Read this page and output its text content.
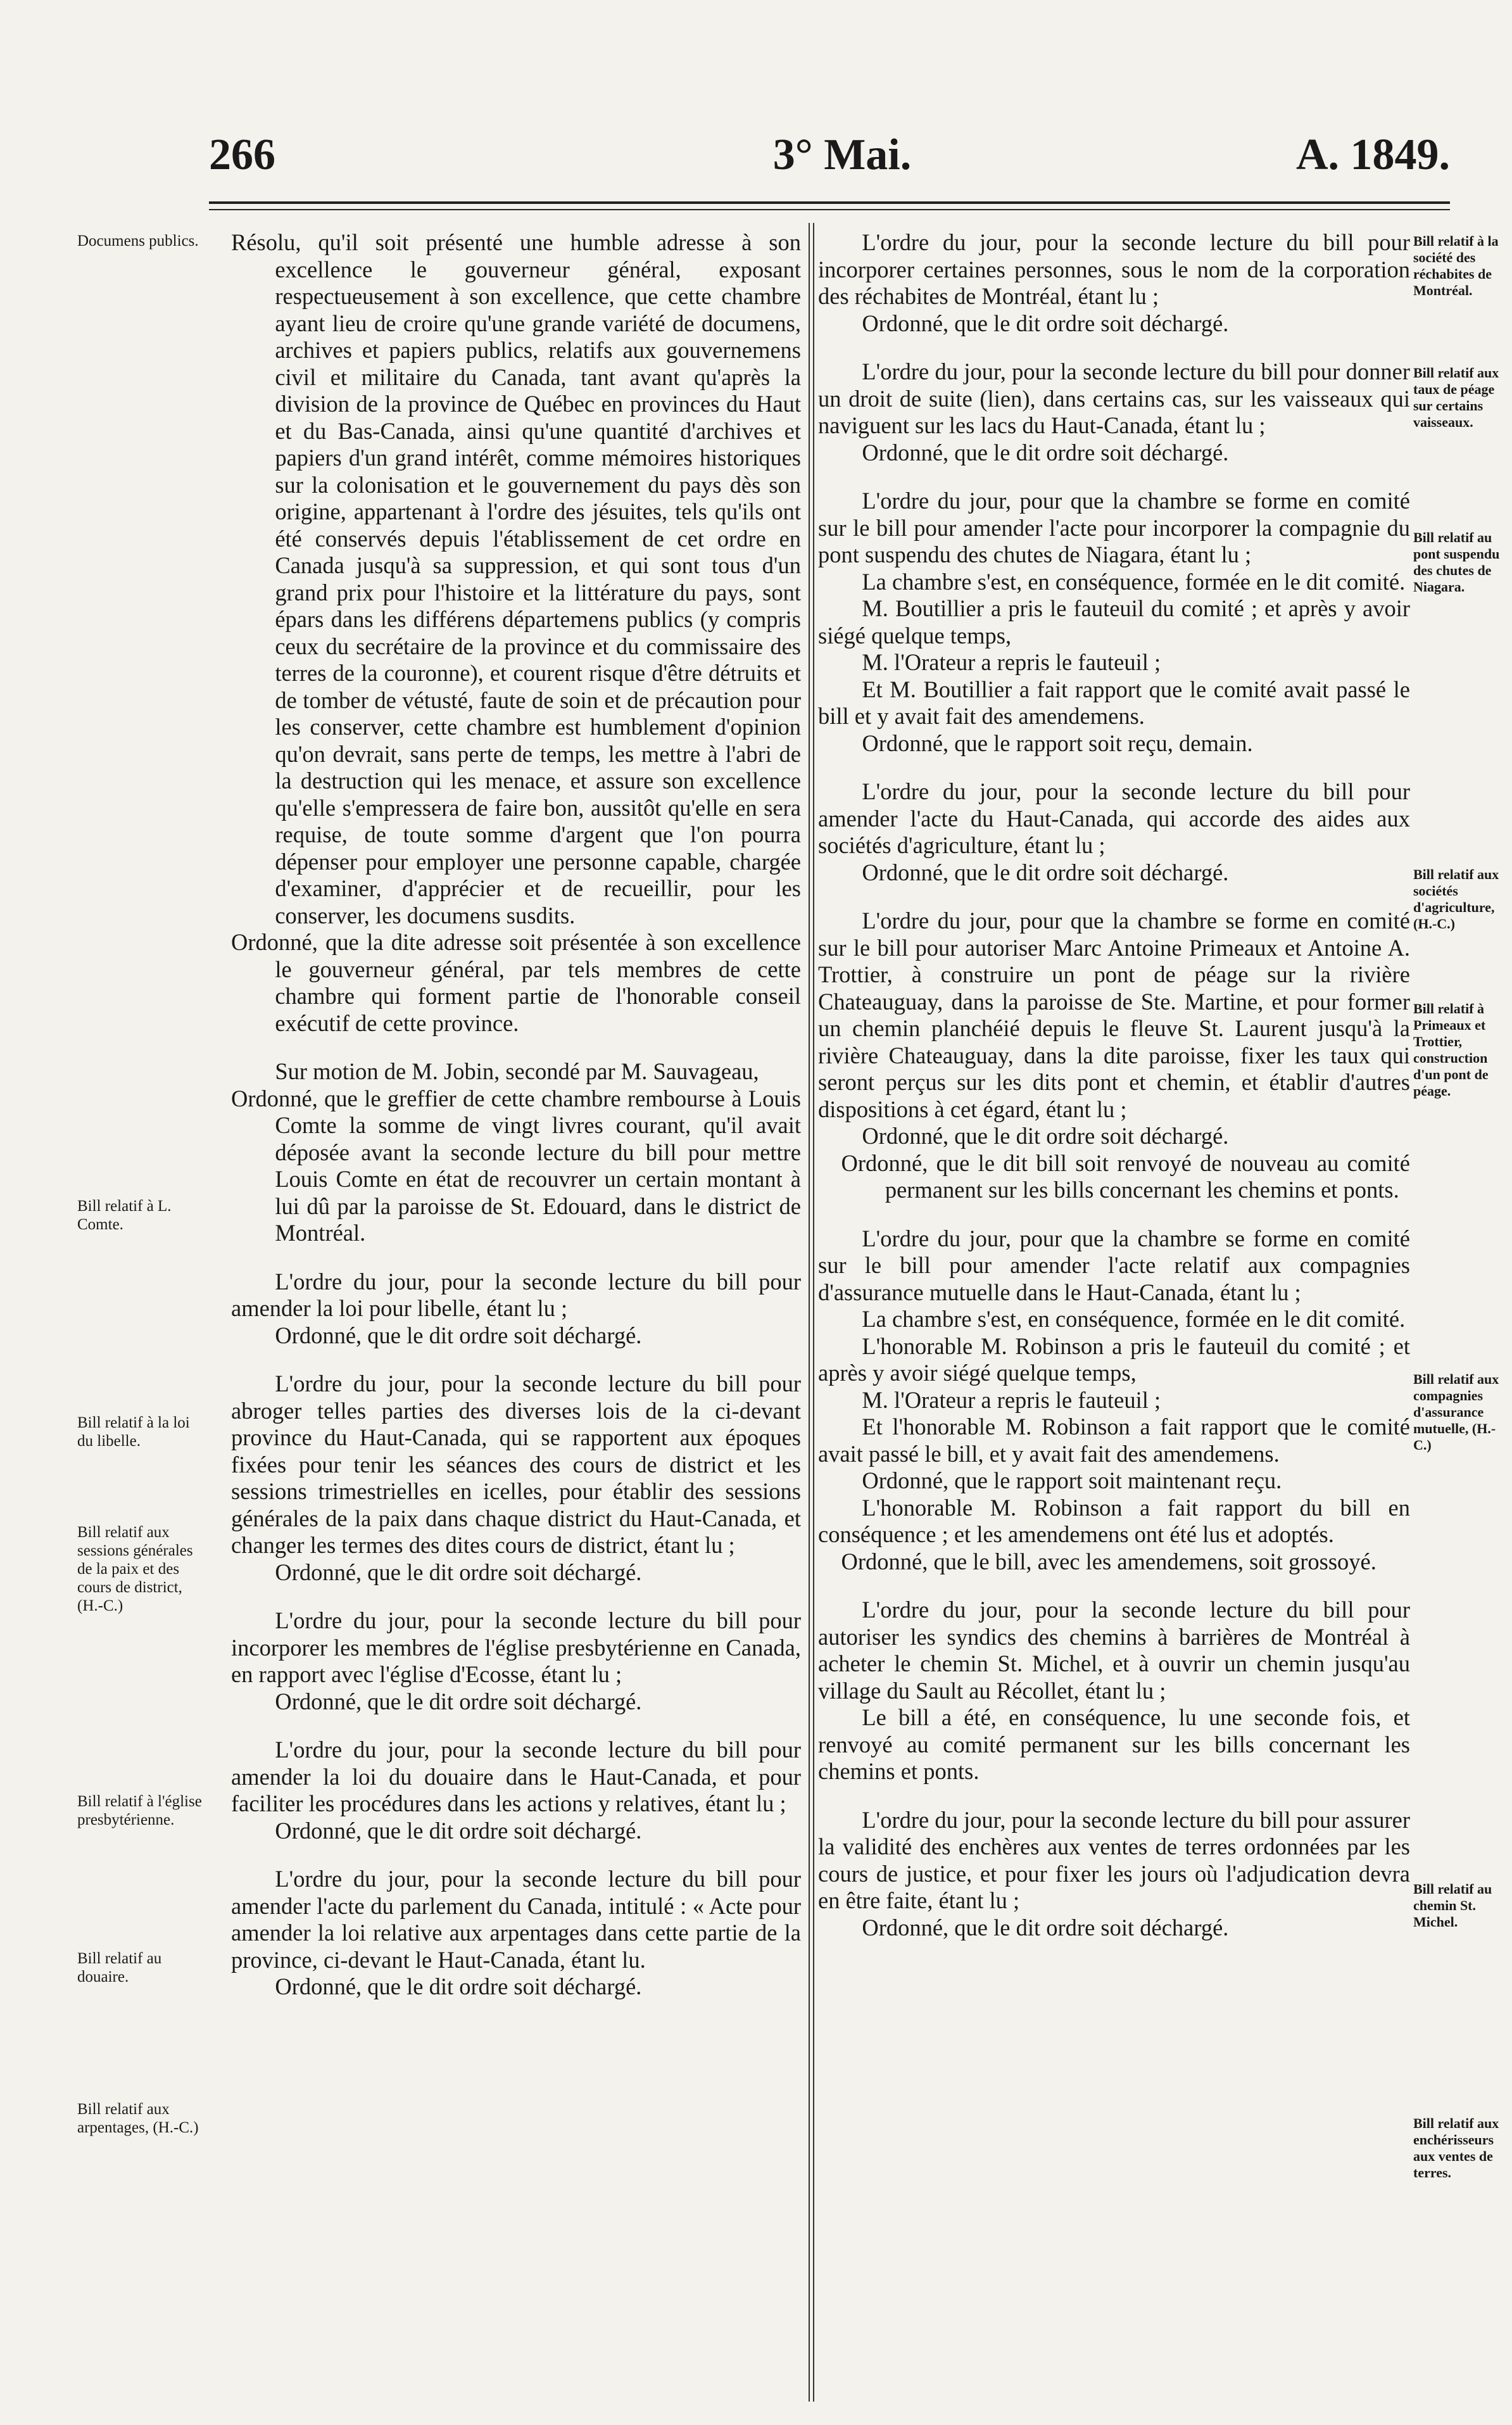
266	3° Mai.	A. 1849.
Documens publics.
Bill relatif à L. Comte.
Bill relatif à la loi du libelle.
Bill relatif aux sessions générales de la paix et des cours de district, (H.-C.)
Bill relatif à l'église presbytérienne.
Bill relatif au douaire.
Bill relatif aux arpentages, (H.-C.)

Résolu, qu'il soit présenté une humble adresse à son excellence le gouverneur général, exposant respectueusement à son excellence, que cette chambre ayant lieu de croire qu'une grande variété de documens, archives et papiers publics, relatifs aux gouvernemens civil et militaire du Canada, tant avant qu'après la division de la province de Québec en provinces du Haut et du Bas-Canada, ainsi qu'une quantité d'archives et papiers d'un grand intérêt, comme mémoires historiques sur la colonisation et le gouvernement du pays dès son origine, appartenant à l'ordre des jésuites, tels qu'ils ont été conservés depuis l'établissement de cet ordre en Canada jusqu'à sa suppression, et qui sont tous d'un grand prix pour l'histoire et la littérature du pays, sont épars dans les différens départemens publics (y compris ceux du secrétaire de la province et du commissaire des terres de la couronne), et courent risque d'être détruits et de tomber de vétusté, faute de soin et de précaution pour les conserver, cette chambre est humblement d'opinion qu'on devrait, sans perte de temps, les mettre à l'abri de la destruction qui les menace, et assure son excellence qu'elle s'empressera de faire bon, aussitôt qu'elle en sera requise, de toute somme d'argent que l'on pourra dépenser pour employer une personne capable, chargée d'examiner, d'apprécier et de recueillir, pour les conserver, les documens susdits.

Ordonné, que la dite adresse soit présentée à son excellence le gouverneur général, par tels membres de cette chambre qui forment partie de l'honorable conseil exécutif de cette province.

Sur motion de M. Jobin, secondé par M. Sauvageau,

Ordonné, que le greffier de cette chambre rembourse à Louis Comte la somme de vingt livres courant, qu'il avait déposée avant la seconde lecture du bill pour mettre Louis Comte en état de recouvrer un certain montant à lui dû par la paroisse de St. Edouard, dans le district de Montréal.

L'ordre du jour, pour la seconde lecture du bill pour amender la loi pour libelle, étant lu ;

Ordonné, que le dit ordre soit déchargé.

L'ordre du jour, pour la seconde lecture du bill pour abroger telles parties des diverses lois de la ci-devant province du Haut-Canada, qui se rapportent aux époques fixées pour tenir les séances des cours de district et les sessions trimestrielles en icelles, pour établir des sessions générales de la paix dans chaque district du Haut-Canada, et changer les termes des dites cours de district, étant lu ;

Ordonné, que le dit ordre soit déchargé.

L'ordre du jour, pour la seconde lecture du bill pour incorporer les membres de l'église presbytérienne en Canada, en rapport avec l'église d'Ecosse, étant lu ;

Ordonné, que le dit ordre soit déchargé.

L'ordre du jour, pour la seconde lecture du bill pour amender la loi du douaire dans le Haut-Canada, et pour faciliter les procédures dans les actions y relatives, étant lu ;

Ordonné, que le dit ordre soit déchargé.

L'ordre du jour, pour la seconde lecture du bill pour amender l'acte du parlement du Canada, intitulé : « Acte pour amender la loi relative aux arpentages dans cette partie de la province, ci-devant le Haut-Canada, étant lu.

Ordonné, que le dit ordre soit déchargé.

Bill relatif à la société des réchabites de Montréal.
Bill relatif aux taux de péage sur certains vaisseaux.
Bill relatif au pont suspendu des chutes de Niagara.
Bill relatif aux sociétés d'agriculture, (H.-C.)
Bill relatif à Primeaux et Trottier, construction d'un pont de péage.
Bill relatif aux compagnies d'assurance mutuelle, (H.-C.)
Bill relatif au chemin St. Michel.
Bill relatif aux enchérisseurs aux ventes de terres.

L'ordre du jour, pour la seconde lecture du bill pour incorporer certaines personnes, sous le nom de la corporation des réchabites de Montréal, étant lu ;

Ordonné, que le dit ordre soit déchargé.

L'ordre du jour, pour la seconde lecture du bill pour donner un droit de suite (lien), dans certains cas, sur les vaisseaux qui naviguent sur les lacs du Haut-Canada, étant lu ;

Ordonné, que le dit ordre soit déchargé.

L'ordre du jour, pour que la chambre se forme en comité sur le bill pour amender l'acte pour incorporer la compagnie du pont suspendu des chutes de Niagara, étant lu ;

La chambre s'est, en conséquence, formée en le dit comité.

M. Boutillier a pris le fauteuil du comité ; et après y avoir siégé quelque temps,

M. l'Orateur a repris le fauteuil ;

Et M. Boutillier a fait rapport que le comité avait passé le bill et y avait fait des amendemens.

Ordonné, que le rapport soit reçu, demain.

L'ordre du jour, pour la seconde lecture du bill pour amender l'acte du Haut-Canada, qui accorde des aides aux sociétés d'agriculture, étant lu ;

Ordonné, que le dit ordre soit déchargé.

L'ordre du jour, pour que la chambre se forme en comité sur le bill pour autoriser Marc Antoine Primeaux et Antoine A. Trottier, à construire un pont de péage sur la rivière Chateauguay, dans la paroisse de Ste. Martine, et pour former un chemin planchéié depuis le fleuve St. Laurent jusqu'à la rivière Chateauguay, dans la dite paroisse, fixer les taux qui seront perçus sur les dits pont et chemin, et établir d'autres dispositions à cet égard, étant lu ;

Ordonné, que le dit ordre soit déchargé.

Ordonné, que le dit bill soit renvoyé de nouveau au comité permanent sur les bills concernant les chemins et ponts.

L'ordre du jour, pour que la chambre se forme en comité sur le bill pour amender l'acte relatif aux compagnies d'assurance mutuelle dans le Haut-Canada, étant lu ;

La chambre s'est, en conséquence, formée en le dit comité.

L'honorable M. Robinson a pris le fauteuil du comité ; et après y avoir siégé quelque temps,

M. l'Orateur a repris le fauteuil ;

Et l'honorable M. Robinson a fait rapport que le comité avait passé le bill, et y avait fait des amendemens.

Ordonné, que le rapport soit maintenant reçu.

L'honorable M. Robinson a fait rapport du bill en conséquence ; et les amendemens ont été lus et adoptés.

Ordonné, que le bill, avec les amendemens, soit grossoyé.

L'ordre du jour, pour la seconde lecture du bill pour autoriser les syndics des chemins à barrières de Montréal à acheter le chemin St. Michel, et à ouvrir un chemin jusqu'au village du Sault au Récollet, étant lu ;

Le bill a été, en conséquence, lu une seconde fois, et renvoyé au comité permanent sur les bills concernant les chemins et ponts.

L'ordre du jour, pour la seconde lecture du bill pour assurer la validité des enchères aux ventes de terres ordonnées par les cours de justice, et pour fixer les jours où l'adjudication devra en être faite, étant lu ;

Ordonné, que le dit ordre soit déchargé.
